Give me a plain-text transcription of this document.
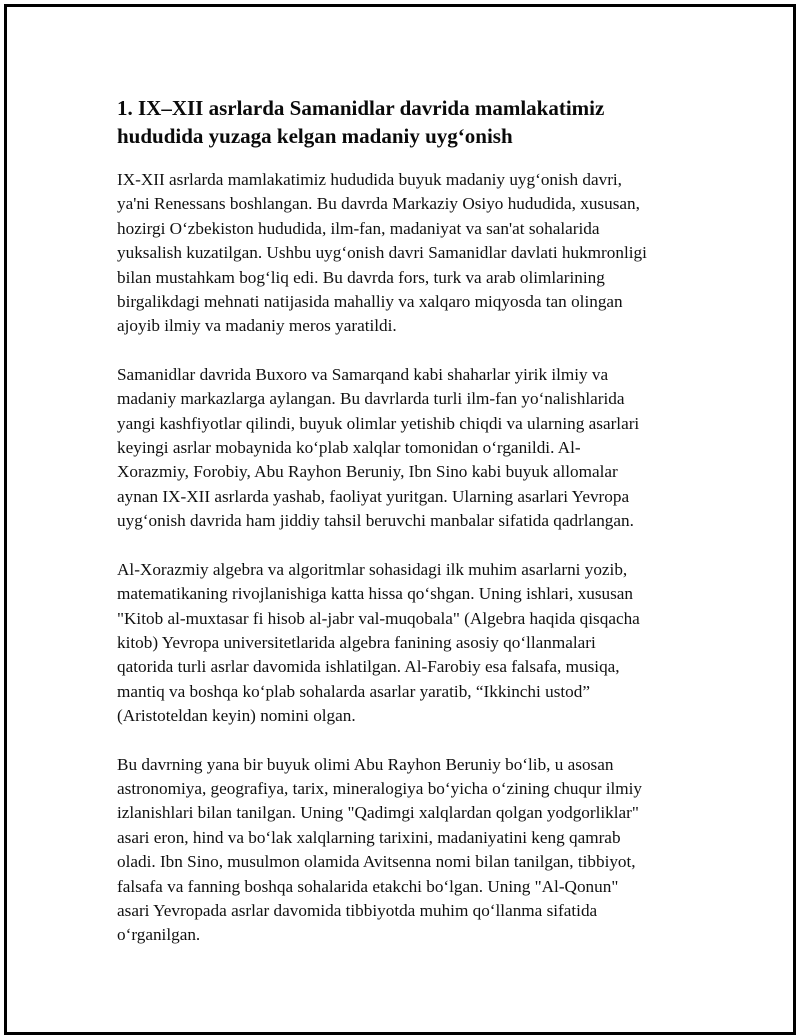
1. IX–XII asrlarda Samanidlar davrida mamlakatimiz
hududida yuzaga kelgan madaniy uyg‘onish

IX-XII asrlarda mamlakatimiz hududida buyuk madaniy uyg‘onish davri,
ya'ni Renessans boshlangan. Bu davrda Markaziy Osiyo hududida, xususan,
hozirgi O‘zbekiston hududida, ilm-fan, madaniyat va san'at sohalarida
yuksalish kuzatilgan. Ushbu uyg‘onish davri Samanidlar davlati hukmronligi
bilan mustahkam bog‘liq edi. Bu davrda fors, turk va arab olimlarining
birgalikdagi mehnati natijasida mahalliy va xalqaro miqyosda tan olingan
ajoyib ilmiy va madaniy meros yaratildi.

Samanidlar davrida Buxoro va Samarqand kabi shaharlar yirik ilmiy va
madaniy markazlarga aylangan. Bu davrlarda turli ilm-fan yo‘nalishlarida
yangi kashfiyotlar qilindi, buyuk olimlar yetishib chiqdi va ularning asarlari
keyingi asrlar mobaynida ko‘plab xalqlar tomonidan o‘rganildi. Al-
Xorazmiy, Forobiy, Abu Rayhon Beruniy, Ibn Sino kabi buyuk allomalar
aynan IX-XII asrlarda yashab, faoliyat yuritgan. Ularning asarlari Yevropa
uyg‘onish davrida ham jiddiy tahsil beruvchi manbalar sifatida qadrlangan.

Al-Xorazmiy algebra va algoritmlar sohasidagi ilk muhim asarlarni yozib,
matematikaning rivojlanishiga katta hissa qo‘shgan. Uning ishlari, xususan
"Kitob al-muxtasar fi hisob al-jabr val-muqobala" (Algebra haqida qisqacha
kitob) Yevropa universitetlarida algebra fanining asosiy qo‘llanmalari
qatorida turli asrlar davomida ishlatilgan. Al-Farobiy esa falsafa, musiqa,
mantiq va boshqa ko‘plab sohalarda asarlar yaratib, “Ikkinchi ustod”
(Aristoteldan keyin) nomini olgan.

Bu davrning yana bir buyuk olimi Abu Rayhon Beruniy bo‘lib, u asosan
astronomiya, geografiya, tarix, mineralogiya bo‘yicha o‘zining chuqur ilmiy
izlanishlari bilan tanilgan. Uning "Qadimgi xalqlardan qolgan yodgorliklar"
asari eron, hind va bo‘lak xalqlarning tarixini, madaniyatini keng qamrab
oladi. Ibn Sino, musulmon olamida Avitsenna nomi bilan tanilgan, tibbiyot,
falsafa va fanning boshqa sohalarida etakchi bo‘lgan. Uning "Al-Qonun"
asari Yevropada asrlar davomida tibbiyotda muhim qo‘llanma sifatida
o‘rganilgan.
